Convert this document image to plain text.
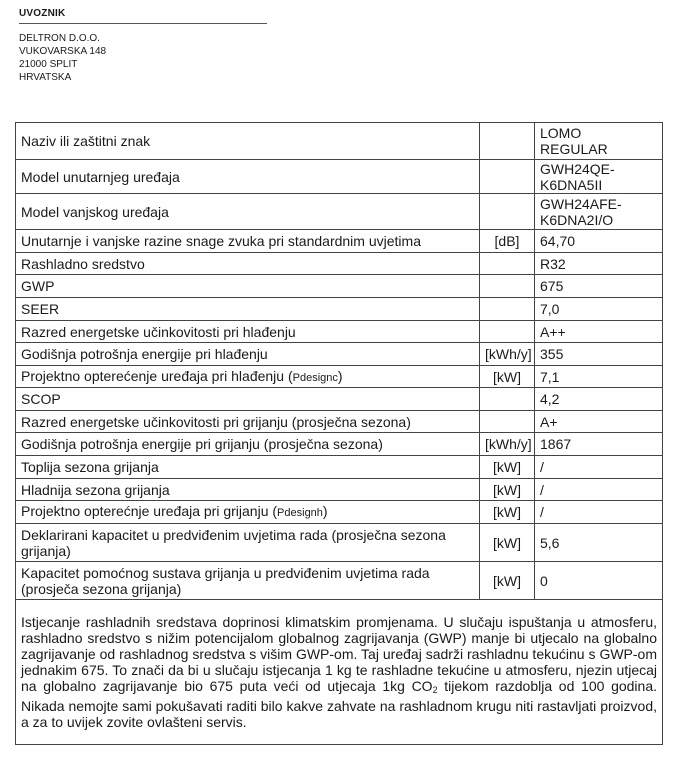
UVOZNIK
DELTRON D.O.O.
VUKOVARSKA 148
21000 SPLIT
HRVATSKA
Naziv ili zaštitni znak		LOMO
REGULAR
Model unutarnjeg uređaja		GWH24QE-
K6DNA5II
Model vanjskog uređaja		GWH24AFE-
K6DNA2I/O
Unutarnje i vanjske razine snage zvuka pri standardnim uvjetima	[dB]	64,70
Rashladno sredstvo		R32
GWP		675
SEER		7,0
Razred energetske učinkovitosti pri hlađenju		A++
Godišnja potrošnja energije pri hlađenju	[kWh/y]	355
Projektno opterećenje uređaja pri hlađenju (Pdesignc)	[kW]	7,1
SCOP		4,2
Razred energetske učinkovitosti pri grijanju (prosječna sezona)		A+
Godišnja potrošnja energije pri grijanju (prosječna sezona)	[kWh/y]	1867
Toplija sezona grijanja	[kW]	/
Hladnija sezona grijanja	[kW]	/
Projektno opterećnje uređaja pri grijanju (Pdesignh)	[kW]	/
Deklarirani kapacitet u predviđenim uvjetima rada (prosječna sezona grijanja)	[kW]	5,6
Kapacitet pomoćnog sustava grijanja u predviđenim uvjetima rada (prosječa sezona grijanja)	[kW]	0
Istjecanje rashladnih sredstava doprinosi klimatskim promjenama. U slučaju ispuštanja u atmosferu, rashladno sredstvo s nižim potencijalom globalnog zagrijavanja (GWP) manje bi utjecalo na globalno zagrijavanje od rashladnog sredstva s višim GWP-om. Taj uređaj sadrži rashladnu tekućinu s GWP-om jednakim 675. To znači da bi u slučaju istjecanja 1 kg te rashladne tekućine u atmosferu, njezin utjecaj na globalno zagrijavanje bio 675 puta veći od utjecaja 1kg $CO_2$ tijekom razdoblja od 100 godina. Nikada nemojte sami pokušavati raditi bilo kakve zahvate na rashladnom krugu niti rastavljati proizvod, a za to uvijek zovite ovlašteni servis.		
